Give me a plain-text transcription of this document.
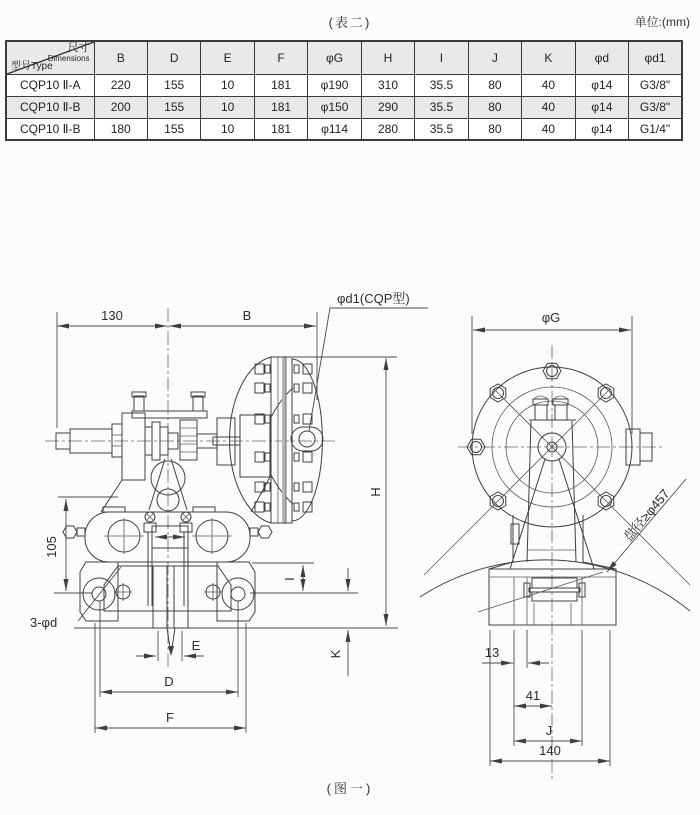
(表二)	单位:(mm)
尺寸
Dimensions
型号Type	B	D	E	F	φG	H	I	J	K	φd	φd1
CQP10 Ⅱ-A	220	155	10	181	φ190	310	35.5	80	40	φ14	G3/8"
CQP10 Ⅱ-B	200	155	10	181	φ150	290	35.5	80	40	φ14	G3/8"
CQP10 Ⅱ-B	180	155	10	181	φ114	280	35.5	80	40	φ14	G1/4"
130	B
φd1(CQP型)
H
105
I
K
E
D
F
3-φd
φG
盘径≥φ457
13
41
J
140
(图一)
